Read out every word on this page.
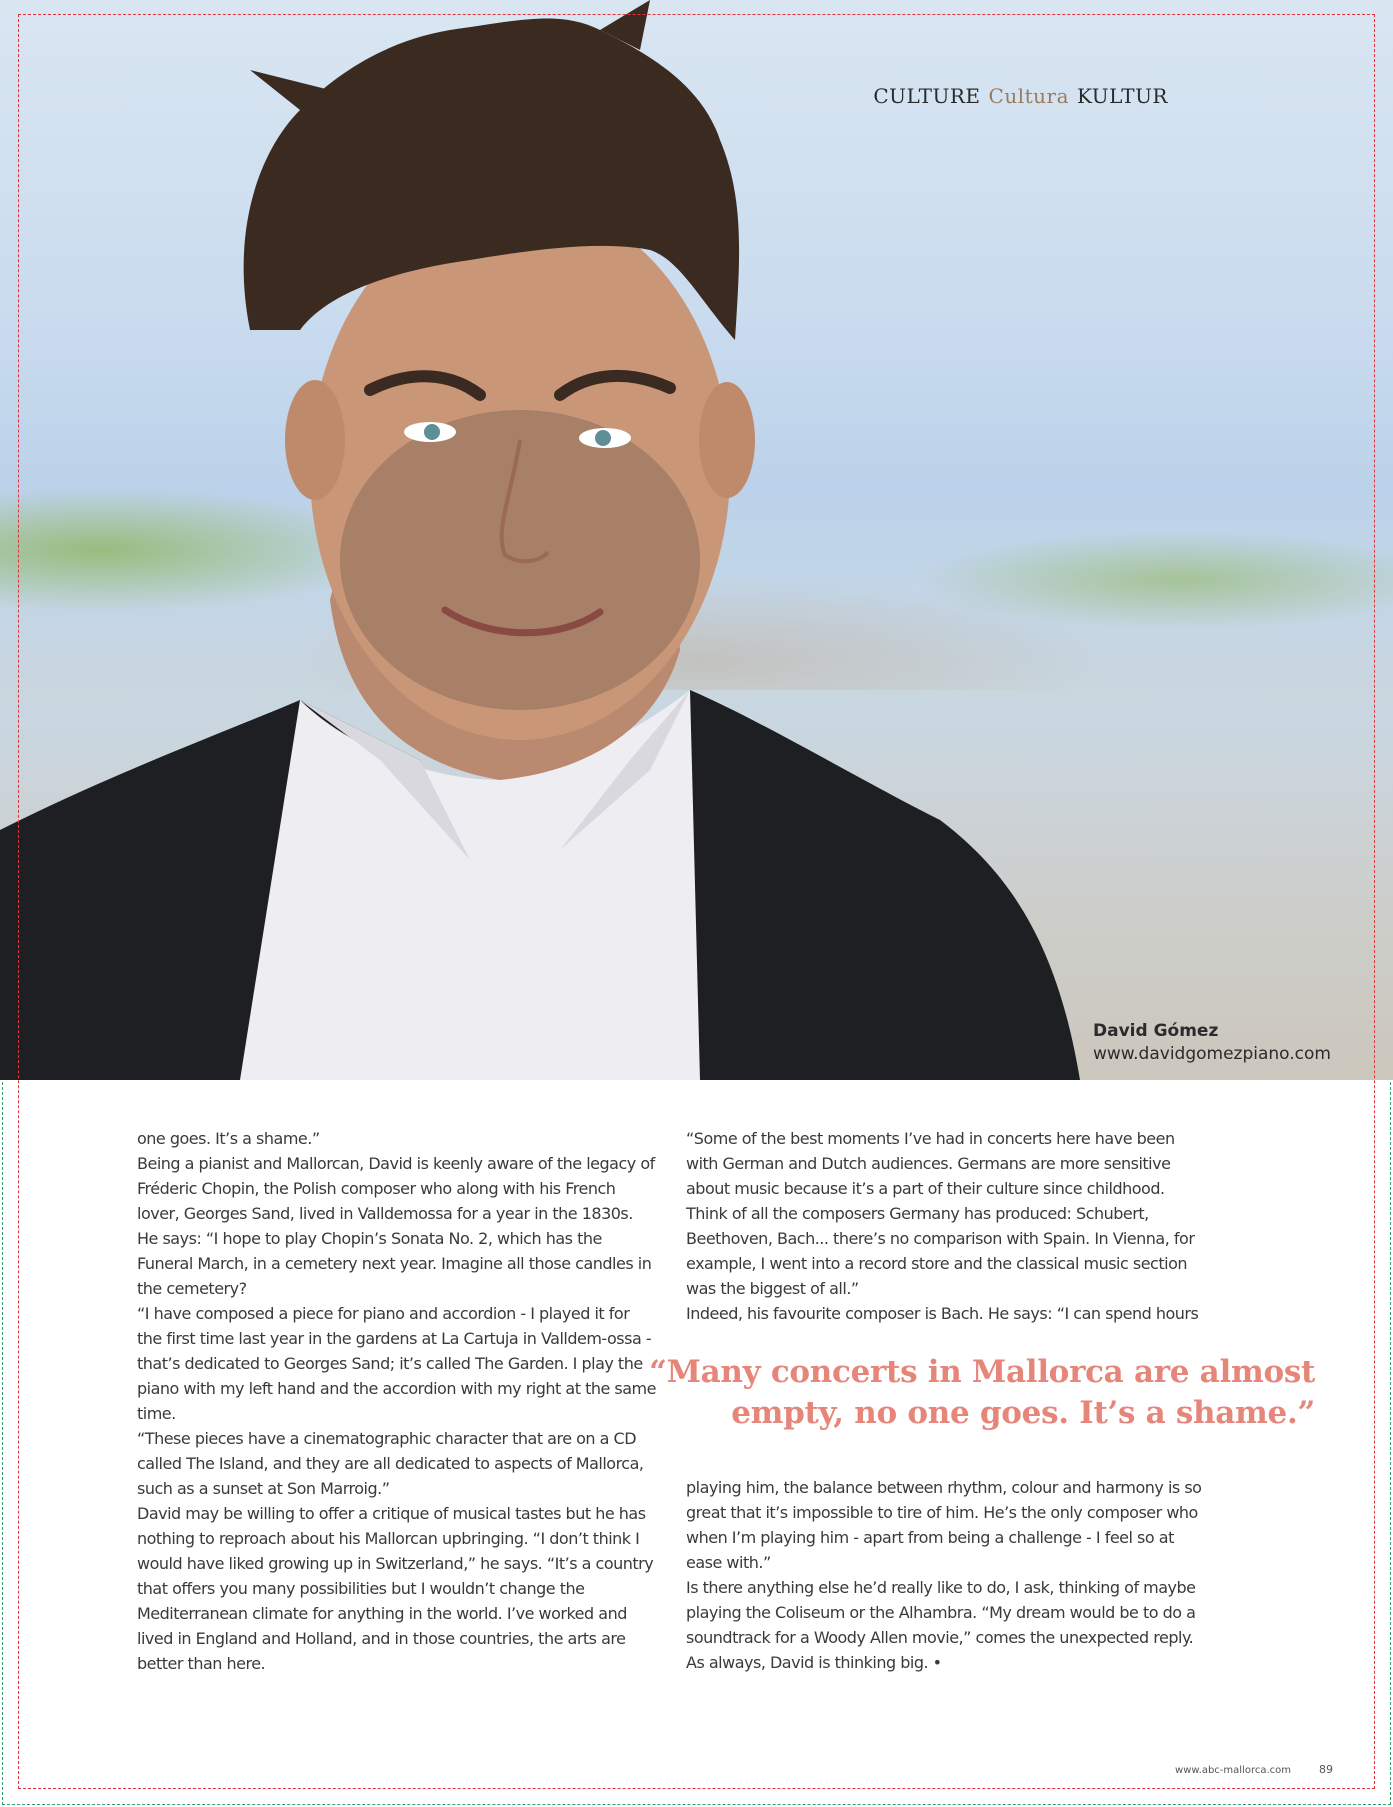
CULTURE Cultura KULTUR
David Gómez
www.davidgomezpiano.com

one goes. It’s a shame.”

Being a pianist and Mallorcan, David is keenly aware of the legacy of Fréderic Chopin, the Polish composer who along with his French lover, Georges Sand, lived in Valldemossa for a year in the 1830s. He says: “I hope to play Chopin’s Sonata No. 2, which has the Funeral March, in a cemetery next year. Imagine all those candles in the cemetery?

“I have composed a piece for piano and accordion - I played it for the first time last year in the gardens at La Cartuja in Valldem-ossa - that’s dedicated to Georges Sand; it’s called The Garden. I play the piano with my left hand and the accordion with my right at the same time.

“These pieces have a cinematographic character that are on a CD called The Island, and they are all dedicated to aspects of Mallorca, such as a sunset at Son Marroig.”

David may be willing to offer a critique of musical tastes but he has nothing to reproach about his Mallorcan upbringing. “I don’t think I would have liked growing up in Switzerland,” he says. “It’s a country that offers you many possibilities but I wouldn’t change the Mediterranean climate for anything in the world. I’ve worked and lived in England and Holland, and in those countries, the arts are better than here.

“Some of the best moments I’ve had in concerts here have been with German and Dutch audiences. Germans are more sensitive about music because it’s a part of their culture since childhood. Think of all the composers Germany has produced: Schubert, Beethoven, Bach... there’s no comparison with Spain. In Vienna, for example, I went into a record store and the classical music section was the biggest of all.”

Indeed, his favourite composer is Bach. He says: “I can spend hours

“Many concerts in Mallorca are almost empty, no one goes. It’s a shame.”

playing him, the balance between rhythm, colour and harmony is so great that it’s impossible to tire of him. He’s the only composer who when I’m playing him - apart from being a challenge - I feel so at ease with.”

Is there anything else he’d really like to do, I ask, thinking of maybe playing the Coliseum or the Alhambra. “My dream would be to do a soundtrack for a Woody Allen movie,” comes the unexpected reply. As always, David is thinking big. •

www.abc-mallorca.com	89
